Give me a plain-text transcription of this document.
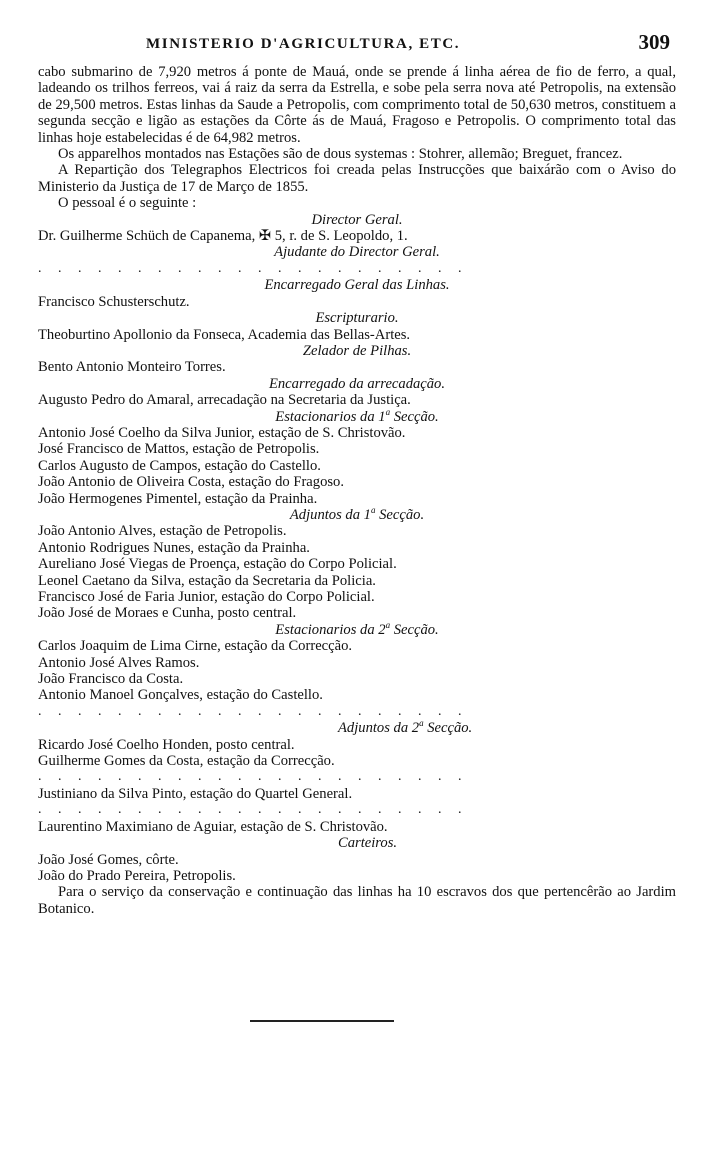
MINISTERIO D'AGRICULTURA, ETC.	309

cabo submarino de 7,920 metros á ponte de Mauá, onde se prende á linha aérea de fio de ferro, a qual, ladeando os trilhos ferreos, vai á raiz da serra da Estrella, e sobe pela serra nova até Petropolis, na extensão de 29,500 metros. Estas linhas da Saude a Petropolis, com comprimento total de 50,630 metros, constituem a segunda secção e ligão as estações da Côrte ás de Mauá, Fragoso e Petropolis. O comprimento total das linhas hoje estabelecidas é de 64,982 metros.

Os apparelhos montados nas Estações são de dous systemas : Stohrer, allemão; Breguet, francez.

A Repartição dos Telegraphos Electricos foi creada pelas Instrucções que baixárão com o Aviso do Ministerio da Justiça de 17 de Março de 1855.

O pessoal é o seguinte :

Director Geral.
Dr. Guilherme Schüch de Capanema, ✠ 5, r. de S. Leopoldo, 1.
Ajudante do Director Geral.
. . . . . . . . . . . . . . . . . . . . . .
Encarregado Geral das Linhas.
Francisco Schusterschutz.
Escripturario.
Theoburtino Apollonio da Fonseca, Academia das Bellas-Artes.
Zelador de Pilhas.
Bento Antonio Monteiro Torres.
Encarregado da arrecadação.
Augusto Pedro do Amaral, arrecadação na Secretaria da Justiça.
Estacionarios da 1$^a$ Secção.
Antonio José Coelho da Silva Junior, estação de S. Christovão.
José Francisco de Mattos, estação de Petropolis.
Carlos Augusto de Campos, estação do Castello.
João Antonio de Oliveira Costa, estação do Fragoso.
João Hermogenes Pimentel, estação da Prainha.
Adjuntos da 1$^a$ Secção.
João Antonio Alves, estação de Petropolis.
Antonio Rodrigues Nunes, estação da Prainha.
Aureliano José Viegas de Proença, estação do Corpo Policial.
Leonel Caetano da Silva, estação da Secretaria da Policia.
Francisco José de Faria Junior, estação do Corpo Policial.
João José de Moraes e Cunha, posto central.
Estacionarios da 2$^a$ Secção.
Carlos Joaquim de Lima Cirne, estação da Correcção.
Antonio José Alves Ramos.
João Francisco da Costa.
Antonio Manoel Gonçalves, estação do Castello.
. . . . . . . . . . . . . . . . . . . . . .
Adjuntos da 2$^a$ Secção.
Ricardo José Coelho Honden, posto central.
Guilherme Gomes da Costa, estação da Correcção.
. . . . . . . . . . . . . . . . . . . . . .
Justiniano da Silva Pinto, estação do Quartel General.
. . . . . . . . . . . . . . . . . . . . . .
Laurentino Maximiano de Aguiar, estação de S. Christovão.
Carteiros.
João José Gomes, côrte.
João do Prado Pereira, Petropolis.

Para o serviço da conservação e continuação das linhas ha 10 escravos dos que pertencêrão ao Jardim Botanico.
